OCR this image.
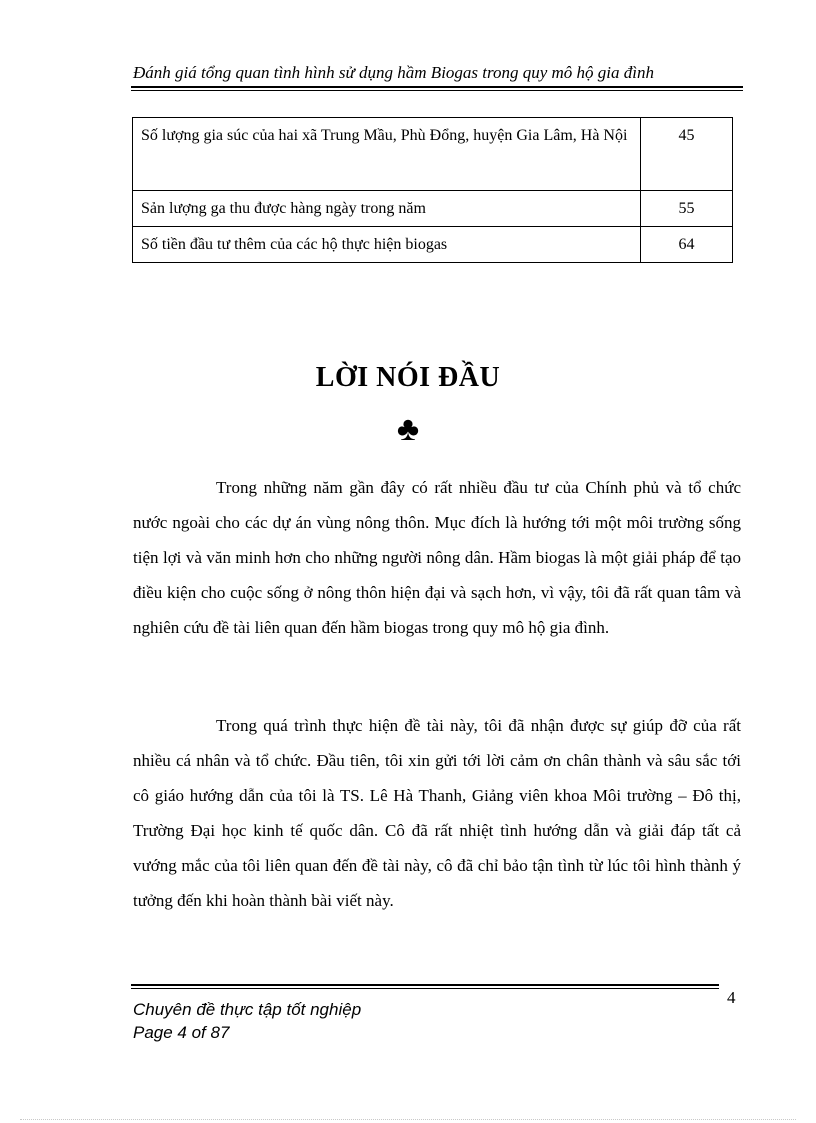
Đánh giá tổng quan tình hình sử dụng hầm Biogas trong quy mô hộ gia đình
Số lượng gia súc của hai xã Trung Mầu, Phù Đổng, huyện Gia Lâm, Hà Nội	45
Sản lượng ga thu được hàng ngày trong năm	55
Số tiền đầu tư thêm của các hộ thực hiện biogas	64
LỜI NÓI ĐẦU
♣

Trong những năm gần đây có rất nhiều đầu tư của Chính phủ và tổ chức nước ngoài cho các dự án vùng nông thôn. Mục đích là hướng tới một môi trường sống tiện lợi và văn minh hơn cho những người nông dân. Hầm biogas là một giải pháp để tạo điều kiện cho cuộc sống ở nông thôn hiện đại và sạch hơn, vì vậy, tôi đã rất quan tâm và nghiên cứu đề tài liên quan đến hầm biogas trong quy mô hộ gia đình.

Trong quá trình thực hiện đề tài này, tôi đã nhận được sự giúp đỡ của rất nhiều cá nhân và tổ chức. Đầu tiên, tôi xin gửi tới lời cảm ơn chân thành và sâu sắc tới cô giáo hướng dẫn của tôi là TS. Lê Hà Thanh, Giảng viên khoa Môi trường – Đô thị, Trường Đại học kinh tế quốc dân. Cô đã rất nhiệt tình hướng dẫn và giải đáp tất cả vướng mắc của tôi liên quan đến đề tài này, cô đã chỉ bảo tận tình từ lúc tôi hình thành ý tưởng đến khi hoàn thành bài viết này.

4
Chuyên đề thực tập tốt nghiệp
Page 4 of 87
